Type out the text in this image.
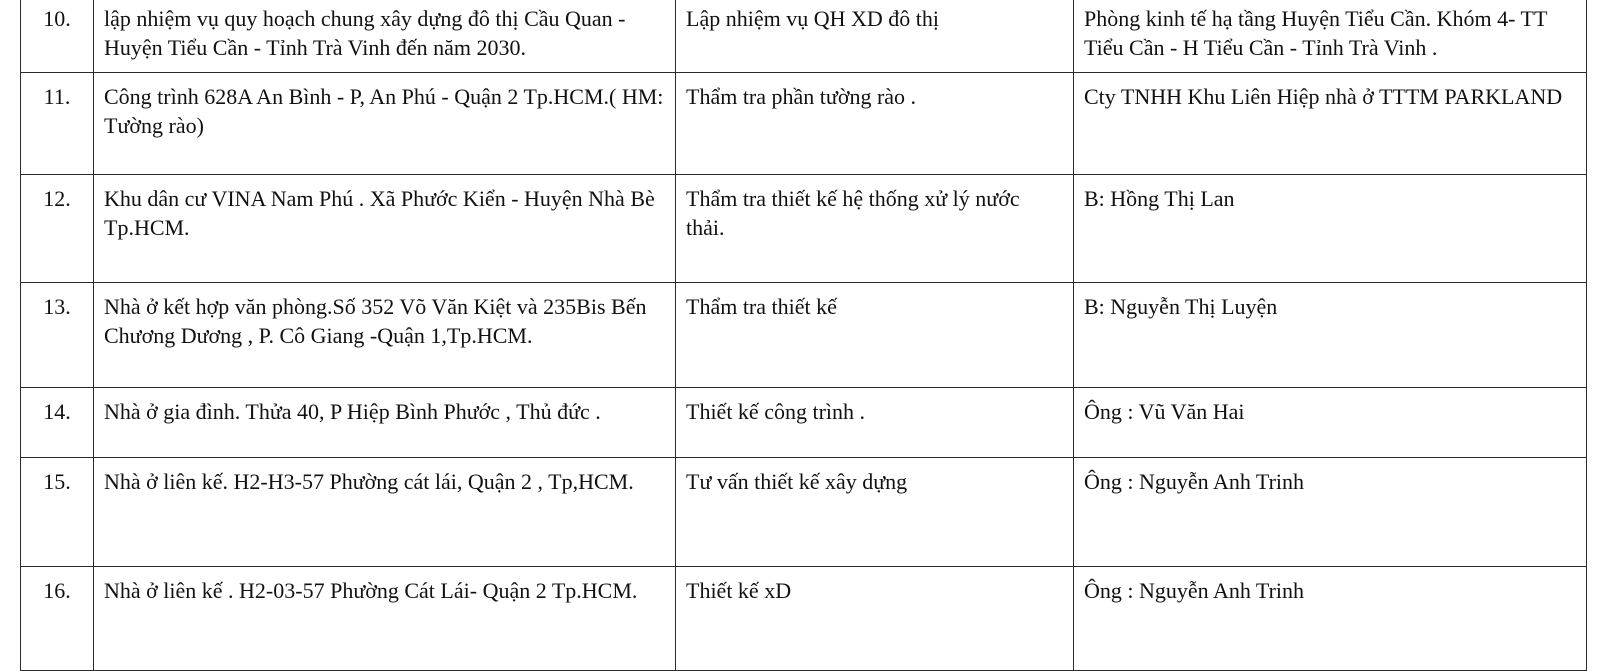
10.	lập nhiệm vụ quy hoạch chung xây dựng đô thị Cầu Quan - Huyện Tiểu Cần - Tỉnh Trà Vinh đến năm 2030.	Lập nhiệm vụ QH XD đô thị	Phòng kinh tế hạ tầng Huyện Tiểu Cần. Khóm 4- TT Tiểu Cần - H Tiểu Cần - Tỉnh Trà Vinh .
11.	Công trình 628A An Bình - P, An Phú - Quận 2 Tp.HCM.( HM: Tường rào)	Thẩm tra phần tường rào .	Cty TNHH Khu Liên Hiệp nhà ở TTTM PARKLAND
12.	Khu dân cư VINA Nam Phú . Xã Phước Kiển - Huyện Nhà Bè Tp.HCM.	Thẩm tra thiết kế hệ thống xử lý nước thải.	B: Hồng Thị Lan
13.	Nhà ở kết hợp văn phòng.Số 352 Võ Văn Kiệt và 235Bis Bến Chương Dương , P. Cô Giang -Quận 1,Tp.HCM.	Thẩm tra thiết kế	B: Nguyễn Thị Luyện
14.	Nhà ở gia đình. Thửa 40, P Hiệp Bình Phước , Thủ đức .	Thiết kế công trình .	Ông : Vũ Văn Hai
15.	Nhà ở liên kế. H2-H3-57 Phường cát lái, Quận 2 , Tp,HCM.	Tư vấn thiết kế xây dựng	Ông : Nguyễn Anh Trinh
16.	Nhà ở liên kế . H2-03-57 Phường Cát Lái- Quận 2 Tp.HCM.	Thiết kế xD	Ông : Nguyễn Anh Trinh
